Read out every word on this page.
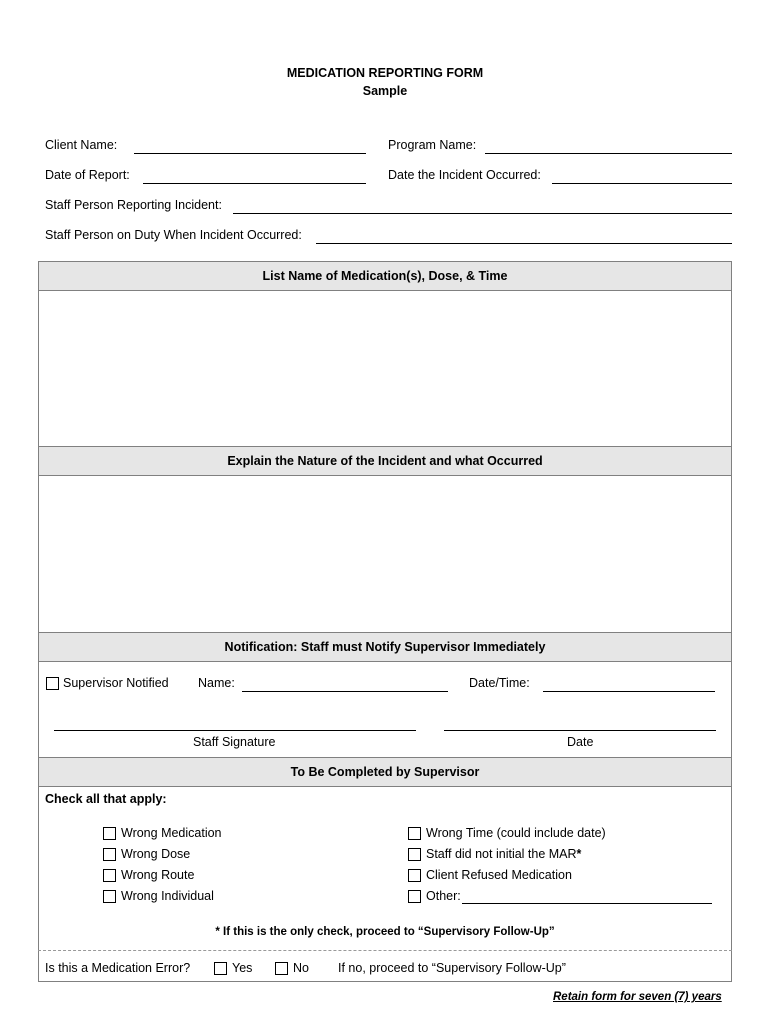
MEDICATION REPORTING FORM
Sample
Client Name:	Program Name:
Date of Report:	Date the Incident Occurred:
Staff Person Reporting Incident:
Staff Person on Duty When Incident Occurred:
List Name of Medication(s), Dose, & Time
Explain the Nature of the Incident and what Occurred
Notification: Staff must Notify Supervisor Immediately
Supervisor Notified Name:	Date/Time:
Staff Signature	Date
To Be Completed by Supervisor
Check all that apply:
Wrong Medication
Wrong Dose
Wrong Route
Wrong Individual
Wrong Time (could include date)
Staff did not initial the MAR*
Client Refused Medication
Other:
* If this is the only check, proceed to “Supervisory Follow-Up”
Is this a Medication Error?	Yes	No If no, proceed to “Supervisory Follow-Up”
Retain form for seven (7) years
